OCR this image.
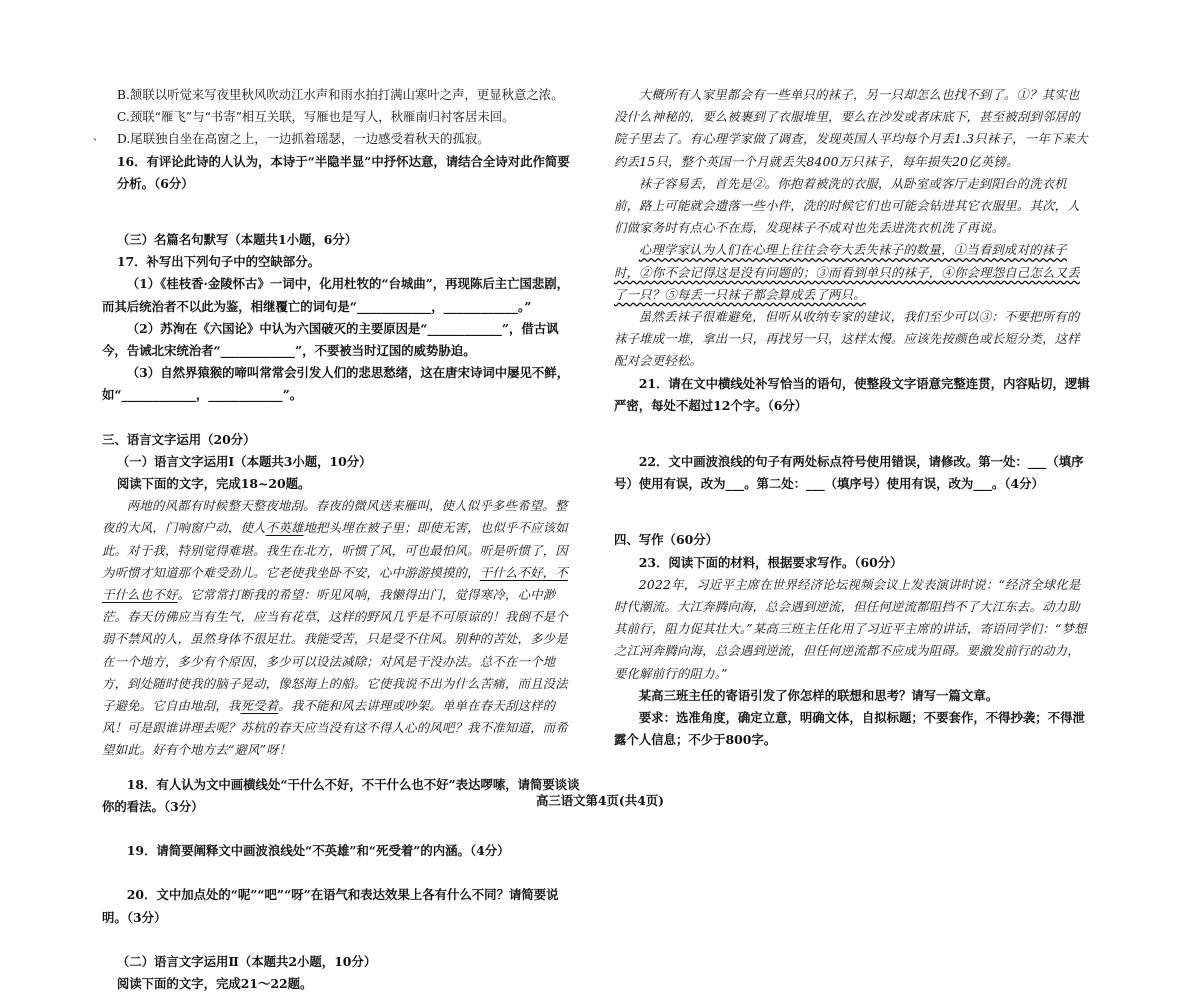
、

B.颔联以听觉来写夜里秋风吹动江水声和雨水拍打满山寒叶之声，更显秋意之浓。

C.颈联“雁飞”与“书寄”相互关联，写雁也是写人，秋雁南归衬客居未回。

D.尾联独自坐在高窗之上，一边抓着瑶瑟，一边感受着秋天的孤寂。

16．有评论此诗的人认为，本诗于“半隐半显”中抒怀达意，请结合全诗对此作简要分析。（6分）

（三）名篇名句默写（本题共1小题，6分）

17．补写出下列句子中的空缺部分。

（1）《桂枝香·金陵怀古》一词中，化用杜牧的“台城曲”，再现陈后主亡国悲剧，而其后统治者不以此为鉴，相继覆亡的词句是“____________，____________。”

（2）苏洵在《六国论》中认为六国破灭的主要原因是“____________”，借古讽今，告诫北宋统治者“____________”，不要被当时辽国的威势胁迫。

（3）自然界猿猴的啼叫常常会引发人们的悲思愁绪，这在唐宋诗词中屡见不鲜，如“____________，____________”。

三、语言文字运用（20分）

（一）语言文字运用Ⅰ（本题共3小题，10分）

阅读下面的文字，完成18~20题。

两地的风都有时候整天整夜地刮。春夜的微风送来雁叫，使人似乎多些希望。整夜的大风，门响窗户动，使人不英雄地把头埋在被子里；即使无害，也似乎不应该如此。对于我，特别觉得难堪。我生在北方，听惯了风，可也最怕风。听是听惯了，因为听惯才知道那个难受劲儿。它老使我坐卧不安，心中游游摸摸的，干什么不好，不干什么也不好。它常常打断我的希望：听见风响，我懒得出门，觉得寒冷，心中渺茫。春天仿佛应当有生气，应当有花草，这样的野风几乎是不可原谅的！我倒不是个弱不禁风的人，虽然身体不很足壮。我能受苦，只是受不住风。别种的苦处，多少是在一个地方，多少有个原因，多少可以设法减除；对风是干没办法。总不在一个地方，到处随时使我的脑子晃动，像怒海上的船。它使我说不出为什么苦痛，而且没法子避免。它自由地刮，我死受着。我不能和风去讲理或吵架。单单在春天刮这样的风！可是跟谁讲理去呢？苏杭的春天应当没有这不得人心的风吧？我不准知道，而希望如此。好有个地方去“避风”呀！

18．有人认为文中画横线处“干什么不好，不干什么也不好”表达啰嗦，请简要谈谈你的看法。（3分）

19．请简要阐释文中画波浪线处“不英雄”和“死受着”的内涵。（4分）

20．文中加点处的“呢”“吧”“呀”在语气和表达效果上各有什么不同？请简要说明。（3分）

（二）语言文字运用Ⅱ（本题共2小题，10分）

阅读下面的文字，完成21～22题。

大概所有人家里都会有一些单只的袜子，另一只却怎么也找不到了。①？其实也没什么神秘的，要么被裹到了衣服堆里，要么在沙发或者床底下，甚至被刮到邻居的院子里去了。有心理学家做了调查，发现英国人平均每个月丢1.3只袜子，一年下来大约丢15只，整个英国一个月就丢失8400万只袜子，每年损失20亿英镑。

袜子容易丢，首先是②。你抱着被洗的衣服，从卧室或客厅走到阳台的洗衣机前，路上可能就会遗落一些小件，洗的时候它们也可能会钻进其它衣服里。其次，人们做家务时有点心不在焉，发现袜子不成对也先丢进洗衣机洗了再说。

心理学家认为人们在心理上往往会夸大丢失袜子的数量，①当看到成对的袜子时，②你不会记得这是没有问题的；③而看到单只的袜子，④你会理怨自己怎么又丢了一只？⑤每丢一只袜子都会算成丢了两只。

虽然丢袜子很难避免，但听从收纳专家的建议，我们至少可以③：不要把所有的袜子堆成一堆，拿出一只，再找另一只，这样太慢。应该先按颜色或长短分类，这样配对会更轻松。

21．请在文中横线处补写恰当的语句，使整段文字语意完整连贯，内容贴切，逻辑严密，每处不超过12个字。（6分）

22．文中画波浪线的句子有两处标点符号使用错误，请修改。第一处：___（填序号）使用有误，改为___。第二处：___（填序号）使用有误，改为___。（4分）

四、写作（60分）

23．阅读下面的材料，根据要求写作。（60分）

2022年，习近平主席在世界经济论坛视频会议上发表演讲时说：“经济全球化是时代潮流。大江奔腾向海，总会遇到逆流，但任何逆流都阻挡不了大江东去。动力助其前行，阻力促其壮大。”某高三班主任化用了习近平主席的讲话，寄语同学们：“梦想之江河奔腾向海，总会遇到逆流，但任何逆流都不应成为阻碍。要激发前行的动力，要化解前行的阻力。”

某高三班主任的寄语引发了你怎样的联想和思考？请写一篇文章。

要求：选准角度，确定立意，明确文体，自拟标题；不要套作，不得抄袭；不得泄露个人信息；不少于800字。

高三语文第4页(共4页)
